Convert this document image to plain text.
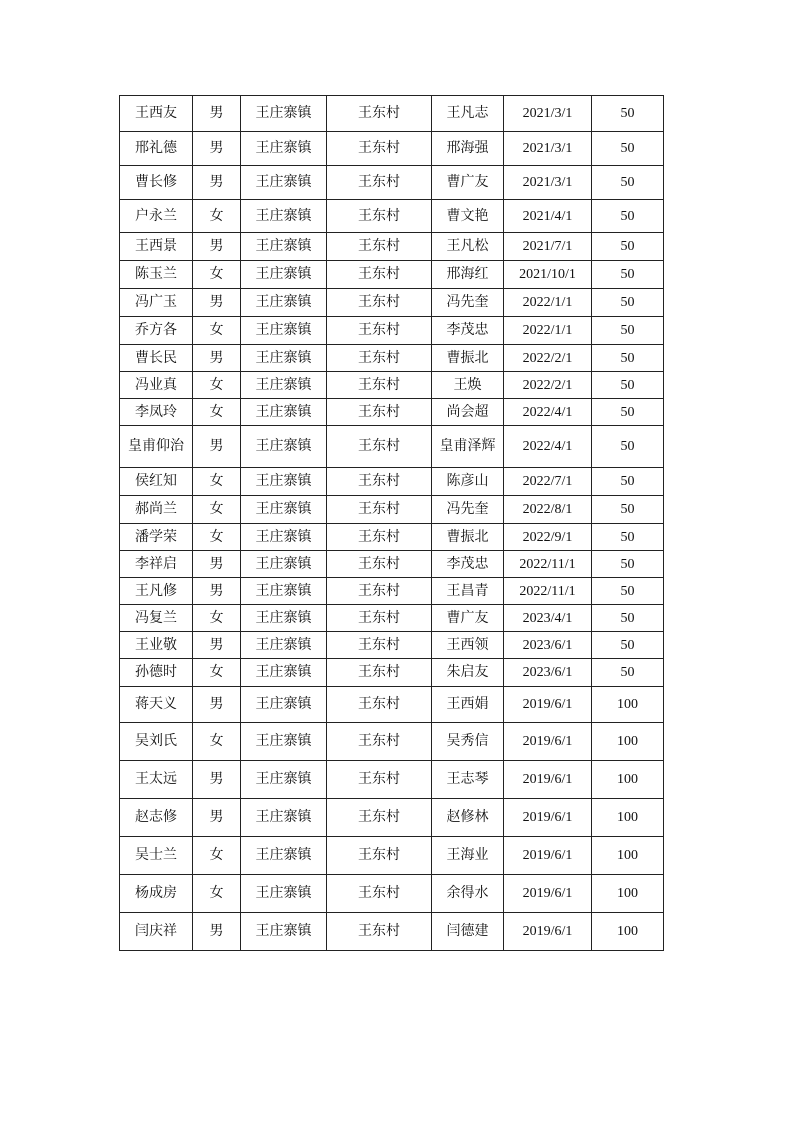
王西友	男	王庄寨镇	王东村	王凡志	2021/3/1	50
邢礼德	男	王庄寨镇	王东村	邢海强	2021/3/1	50
曹长修	男	王庄寨镇	王东村	曹广友	2021/3/1	50
户永兰	女	王庄寨镇	王东村	曹文艳	2021/4/1	50
王西景	男	王庄寨镇	王东村	王凡松	2021/7/1	50
陈玉兰	女	王庄寨镇	王东村	邢海红	2021/10/1	50
冯广玉	男	王庄寨镇	王东村	冯先奎	2022/1/1	50
乔方各	女	王庄寨镇	王东村	李茂忠	2022/1/1	50
曹长民	男	王庄寨镇	王东村	曹振北	2022/2/1	50
冯业真	女	王庄寨镇	王东村	王焕	2022/2/1	50
李凤玲	女	王庄寨镇	王东村	尚会超	2022/4/1	50
皇甫仰治	男	王庄寨镇	王东村	皇甫泽辉	2022/4/1	50
侯红知	女	王庄寨镇	王东村	陈彦山	2022/7/1	50
郝尚兰	女	王庄寨镇	王东村	冯先奎	2022/8/1	50
潘学荣	女	王庄寨镇	王东村	曹振北	2022/9/1	50
李祥启	男	王庄寨镇	王东村	李茂忠	2022/11/1	50
王凡修	男	王庄寨镇	王东村	王昌青	2022/11/1	50
冯复兰	女	王庄寨镇	王东村	曹广友	2023/4/1	50
王业敬	男	王庄寨镇	王东村	王西领	2023/6/1	50
孙德时	女	王庄寨镇	王东村	朱启友	2023/6/1	50
蒋天义	男	王庄寨镇	王东村	王西娟	2019/6/1	100
吴刘氏	女	王庄寨镇	王东村	吴秀信	2019/6/1	100
王太远	男	王庄寨镇	王东村	王志琴	2019/6/1	100
赵志修	男	王庄寨镇	王东村	赵修林	2019/6/1	100
吴士兰	女	王庄寨镇	王东村	王海业	2019/6/1	100
杨成房	女	王庄寨镇	王东村	余得水	2019/6/1	100
闫庆祥	男	王庄寨镇	王东村	闫德建	2019/6/1	100
